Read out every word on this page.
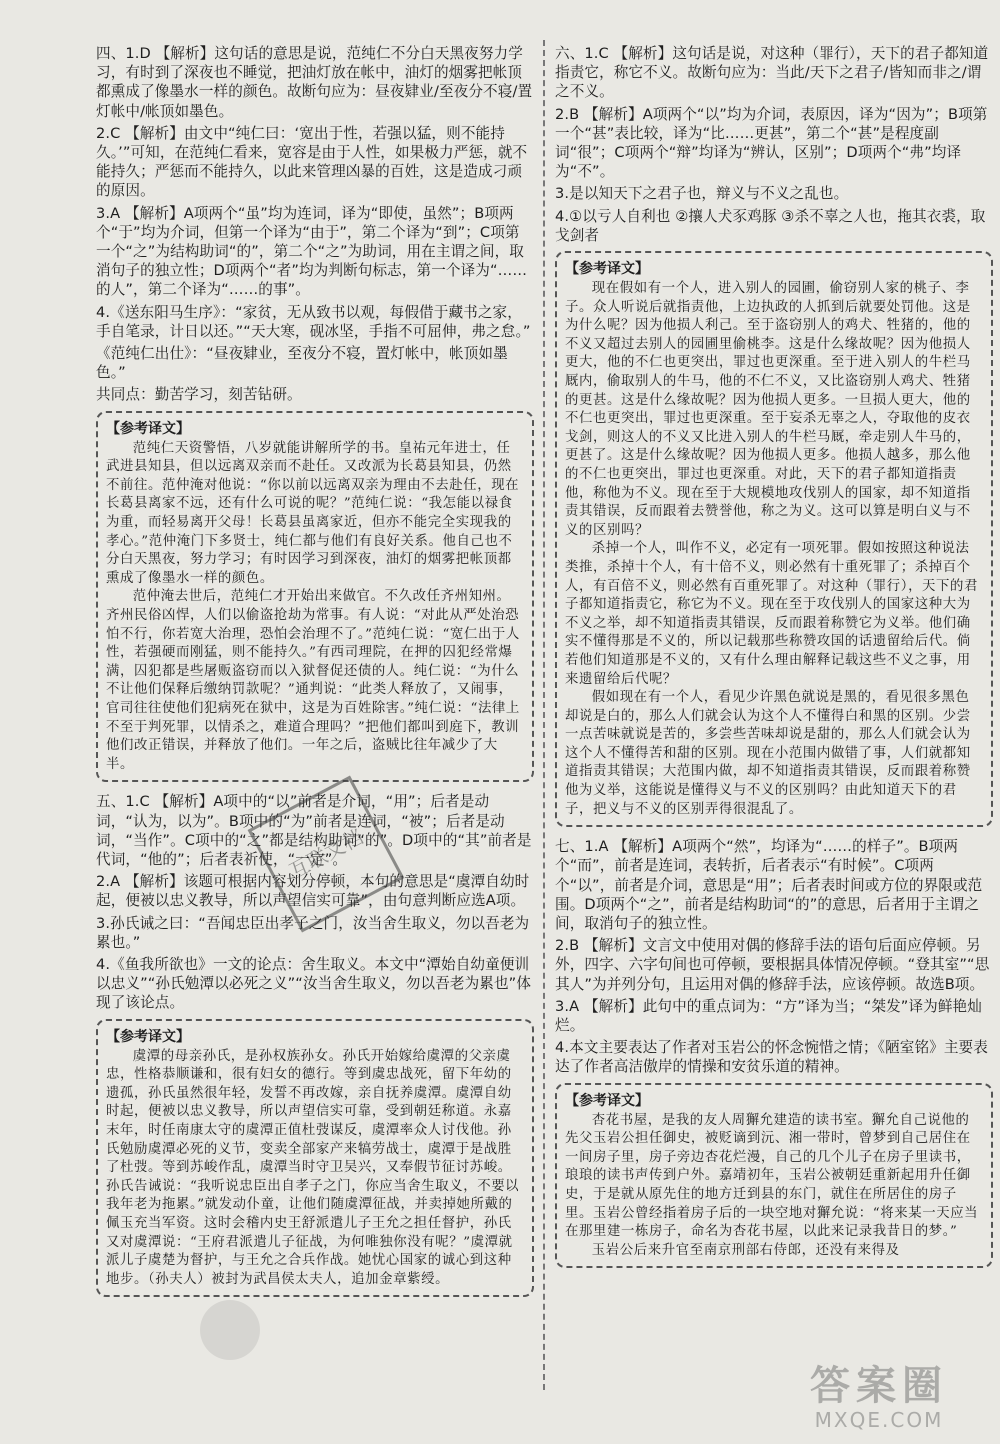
四、1.D 【解析】这句话的意思是说，范纯仁不分白天黑夜努力学习，有时到了深夜也不睡觉，把油灯放在帐中，油灯的烟雾把帐顶都熏成了像墨水一样的颜色。故断句应为：昼夜肄业/至夜分不寝/置灯帐中/帐顶如墨色。

2.C 【解析】由文中“纯仁曰：‘宽出于性，若强以猛，则不能持久。’”可知，在范纯仁看来，宽容是由于人性，如果极力严惩，就不能持久；严惩而不能持久，以此来管理凶暴的百姓，这是造成刁顽的原因。

3.A 【解析】A项两个“虽”均为连词，译为“即使，虽然”；B项两个“于”均为介词，但第一个译为“由于”，第二个译为“到”；C项第一个“之”为结构助词“的”，第二个“之”为助词，用在主谓之间，取消句子的独立性；D项两个“者”均为判断句标志，第一个译为“……的人”，第二个译为“……的事”。

4.《送东阳马生序》：“家贫，无从致书以观，每假借于藏书之家，手自笔录，计日以还。”“天大寒，砚冰坚，手指不可屈伸，弗之怠。”

《范纯仁出仕》：“昼夜肄业，至夜分不寝，置灯帐中，帐顶如墨色。”

共同点：勤苦学习，刻苦钻研。

【参考译文】

范纯仁天资警悟，八岁就能讲解所学的书。皇祐元年进士，任武进县知县，但以远离双亲而不赴任。又改派为长葛县知县，仍然不前往。范仲淹对他说：“你以前以远离双亲为理由不去赴任，现在长葛县离家不远，还有什么可说的呢？”范纯仁说：“我怎能以禄食为重，而轻易离开父母！长葛县虽离家近，但亦不能完全实现我的孝心。”范仲淹门下多贤士，纯仁都与他们有良好关系。他自己也不分白天黑夜，努力学习；有时因学习到深夜，油灯的烟雾把帐顶都熏成了像墨水一样的颜色。

范仲淹去世后，范纯仁才开始出来做官。不久改任齐州知州。齐州民俗凶悍，人们以偷盗抢劫为常事。有人说：“对此从严处治恐怕不行，你若宽大治理，恐怕会治理不了。”范纯仁说：“宽仁出于人性，若强硬而刚猛，则不能持久。”有西司理院，在押的囚犯经常爆满，囚犯都是些屠贩盗窃而以入狱督促还债的人。纯仁说：“为什么不让他们保释后缴纳罚款呢？”通判说：“此类人释放了，又闹事，官司往往使他们犯病死在狱中，这是为百姓除害。”纯仁说：“法律上不至于判死罪，以情杀之，难道合理吗？”把他们都叫到庭下，教训他们改正错误，并释放了他们。一年之后，盗贼比往年减少了大半。

五、1.C 【解析】A项中的“以”前者是介词，“用”；后者是动词，“认为，以为”。B项中的“为”前者是连词，“被”；后者是动词，“当作”。C项中的“之”都是结构助词“的”。D项中的“其”前者是代词，“他的”；后者表祈使，“一定”。

2.A 【解析】该题可根据内容划分停顿，本句的意思是“虞潭自幼时起，便被以忠义教导，所以声望信实可靠”，由句意判断应选A项。

3.孙氏诫之曰：“吾闻忠臣出孝子之门，汝当舍生取义，勿以吾老为累也。”

4.《鱼我所欲也》一文的论点：舍生取义。本文中“潭始自幼童便训以忠义”“孙氏勉潭以必死之义”“汝当舍生取义，勿以吾老为累也”体现了该论点。

【参考译文】

虞潭的母亲孙氏，是孙权族孙女。孙氏开始嫁给虞潭的父亲虞忠，性格恭顺谦和，很有妇女的德行。等到虞忠战死，留下年幼的遗孤，孙氏虽然很年轻，发誓不再改嫁，亲自抚养虞潭。虞潭自幼时起，便被以忠义教导，所以声望信实可靠，受到朝廷称道。永嘉末年，时任南康太守的虞潭正值杜弢谋反，虞潭率众人讨伐他。孙氏勉励虞潭必死的义节，变卖全部家产来犒劳战士，虞潭于是战胜了杜弢。等到苏峻作乱，虞潭当时守卫吴兴，又奉假节征讨苏峻。孙氏告诫说：“我听说忠臣出自孝子之门，你应当舍生取义，不要以我年老为拖累。”就发动仆童，让他们随虞潭征战，并卖掉她所戴的佩玉充当军资。这时会稽内史王舒派遣儿子王允之担任督护，孙氏又对虞潭说：“王府君派遣儿子征战，为何唯独你没有呢？”虞潭就派儿子虞楚为督护，与王允之合兵作战。她忧心国家的诚心到这种地步。（孙夫人）被封为武昌侯太夫人，追加金章紫绶。

六、1.C 【解析】这句话是说，对这种（罪行），天下的君子都知道指责它，称它不义。故断句应为：当此/天下之君子/皆知而非之/谓之不义。

2.B 【解析】A项两个“以”均为介词，表原因，译为“因为”；B项第一个“甚”表比较，译为“比……更甚”，第二个“甚”是程度副词“很”；C项两个“辩”均译为“辨认，区别”；D项两个“弗”均译为“不”。

3.是以知天下之君子也，辩义与不义之乱也。

4.①以亏人自利也 ②攘人犬豕鸡豚 ③杀不辜之人也，拖其衣裘，取戈剑者

【参考译文】

现在假如有一个人，进入别人的园圃，偷窃别人家的桃子、李子。众人听说后就指责他，上边执政的人抓到后就要处罚他。这是为什么呢？因为他损人利己。至于盗窃别人的鸡犬、牲猪的，他的不义又超过去别人的园圃里偷桃李。这是什么缘故呢？因为他损人更大，他的不仁也更突出，罪过也更深重。至于进入别人的牛栏马厩内，偷取别人的牛马，他的不仁不义，又比盗窃别人鸡犬、牲猪的更甚。这是什么缘故呢？因为他损人更多。一旦损人更大，他的不仁也更突出，罪过也更深重。至于妄杀无辜之人，夺取他的皮衣戈剑，则这人的不义又比进入别人的牛栏马厩，牵走别人牛马的，更甚了。这是什么缘故呢？因为他损人更多。他损人越多，那么他的不仁也更突出，罪过也更深重。对此，天下的君子都知道指责他，称他为不义。现在至于大规模地攻伐别人的国家，却不知道指责其错误，反而跟着去赞誉他，称之为义。这可以算是明白义与不义的区别吗？

杀掉一个人，叫作不义，必定有一项死罪。假如按照这种说法类推，杀掉十个人，有十倍不义，则必然有十重死罪了；杀掉百个人，有百倍不义，则必然有百重死罪了。对这种（罪行），天下的君子都知道指责它，称它为不义。现在至于攻伐别人的国家这种大为不义之举，却不知道指责其错误，反而跟着称赞它为义举。他们确实不懂得那是不义的，所以记载那些称赞攻国的话遗留给后代。倘若他们知道那是不义的，又有什么理由解释记载这些不义之事，用来遗留给后代呢？

假如现在有一个人，看见少许黑色就说是黑的，看见很多黑色却说是白的，那么人们就会认为这个人不懂得白和黑的区别。少尝一点苦味就说是苦的，多尝些苦味却说是甜的，那么人们就会认为这个人不懂得苦和甜的区别。现在小范围内做错了事，人们就都知道指责其错误；大范围内做，却不知道指责其错误，反而跟着称赞他为义举，这能说是懂得义与不义的区别吗？由此知道天下的君子，把义与不义的区别弄得很混乱了。

七、1.A 【解析】A项两个“然”，均译为“……的样子”。B项两个“而”，前者是连词，表转折，后者表示“有时候”。C项两个“以”，前者是介词，意思是“用”；后者表时间或方位的界限或范围。D项两个“之”，前者是结构助词“的”的意思，后者用于主谓之间，取消句子的独立性。

2.B 【解析】文言文中使用对偶的修辞手法的语句后面应停顿。另外，四字、六字句间也可停顿，要根据具体情况停顿。“登其室”“思其人”为并列分句，且运用对偶的修辞手法，应该停顿。故选B项。

3.A 【解析】此句中的重点词为：“方”译为当；“桀发”译为鲜艳灿烂。

4.本文主要表达了作者对玉岩公的怀念惋惜之情；《陋室铭》主要表达了作者高洁傲岸的情操和安贫乐道的精神。

【参考译文】

杏花书屋，是我的友人周獬允建造的读书室。獬允自己说他的先父玉岩公担任御史，被贬谪到沅、湘一带时，曾梦到自己居住在一间房子里，房子旁边杏花烂漫，自己的几个儿子在房子里读书，琅琅的读书声传到户外。嘉靖初年，玉岩公被朝廷重新起用升任御史，于是就从原先住的地方迁到县的东门，就住在所居住的房子里。玉岩公曾经指着房子后的一块空地对獬允说：“将来某一天应当在那里建一栋房子，命名为杏花书屋，以此来记录我昔日的梦。”

玉岩公后来升官至南京刑部右侍郎，还没有来得及

互联文档
答案圈
MXQE.COM
